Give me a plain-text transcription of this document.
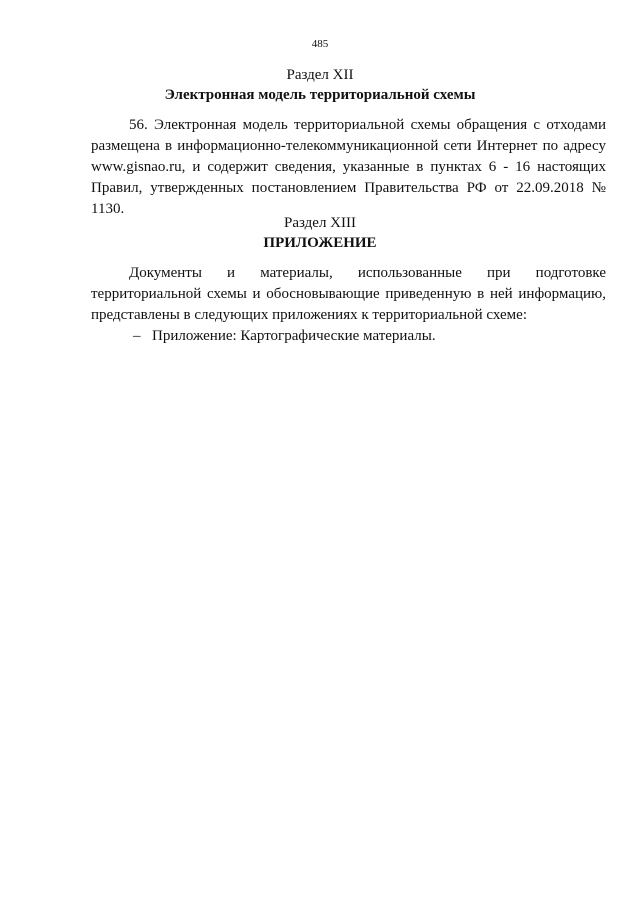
485
Раздел XII
Электронная модель территориальной схемы
56. Электронная модель территориальной схемы обращения с отходами размещена в информационно-телекоммуникационной сети Интернет по адресу www.gisnao.ru, и содержит сведения, указанные в пунктах 6 - 16 настоящих Правил, утвержденных постановлением Правительства РФ от 22.09.2018 № 1130.
Раздел XIII
ПРИЛОЖЕНИЕ
Документы и материалы, использованные при подготовке территориальной схемы и обосновывающие приведенную в ней информацию, представлены в следующих приложениях к территориальной схеме:
– Приложение: Картографические материалы.
